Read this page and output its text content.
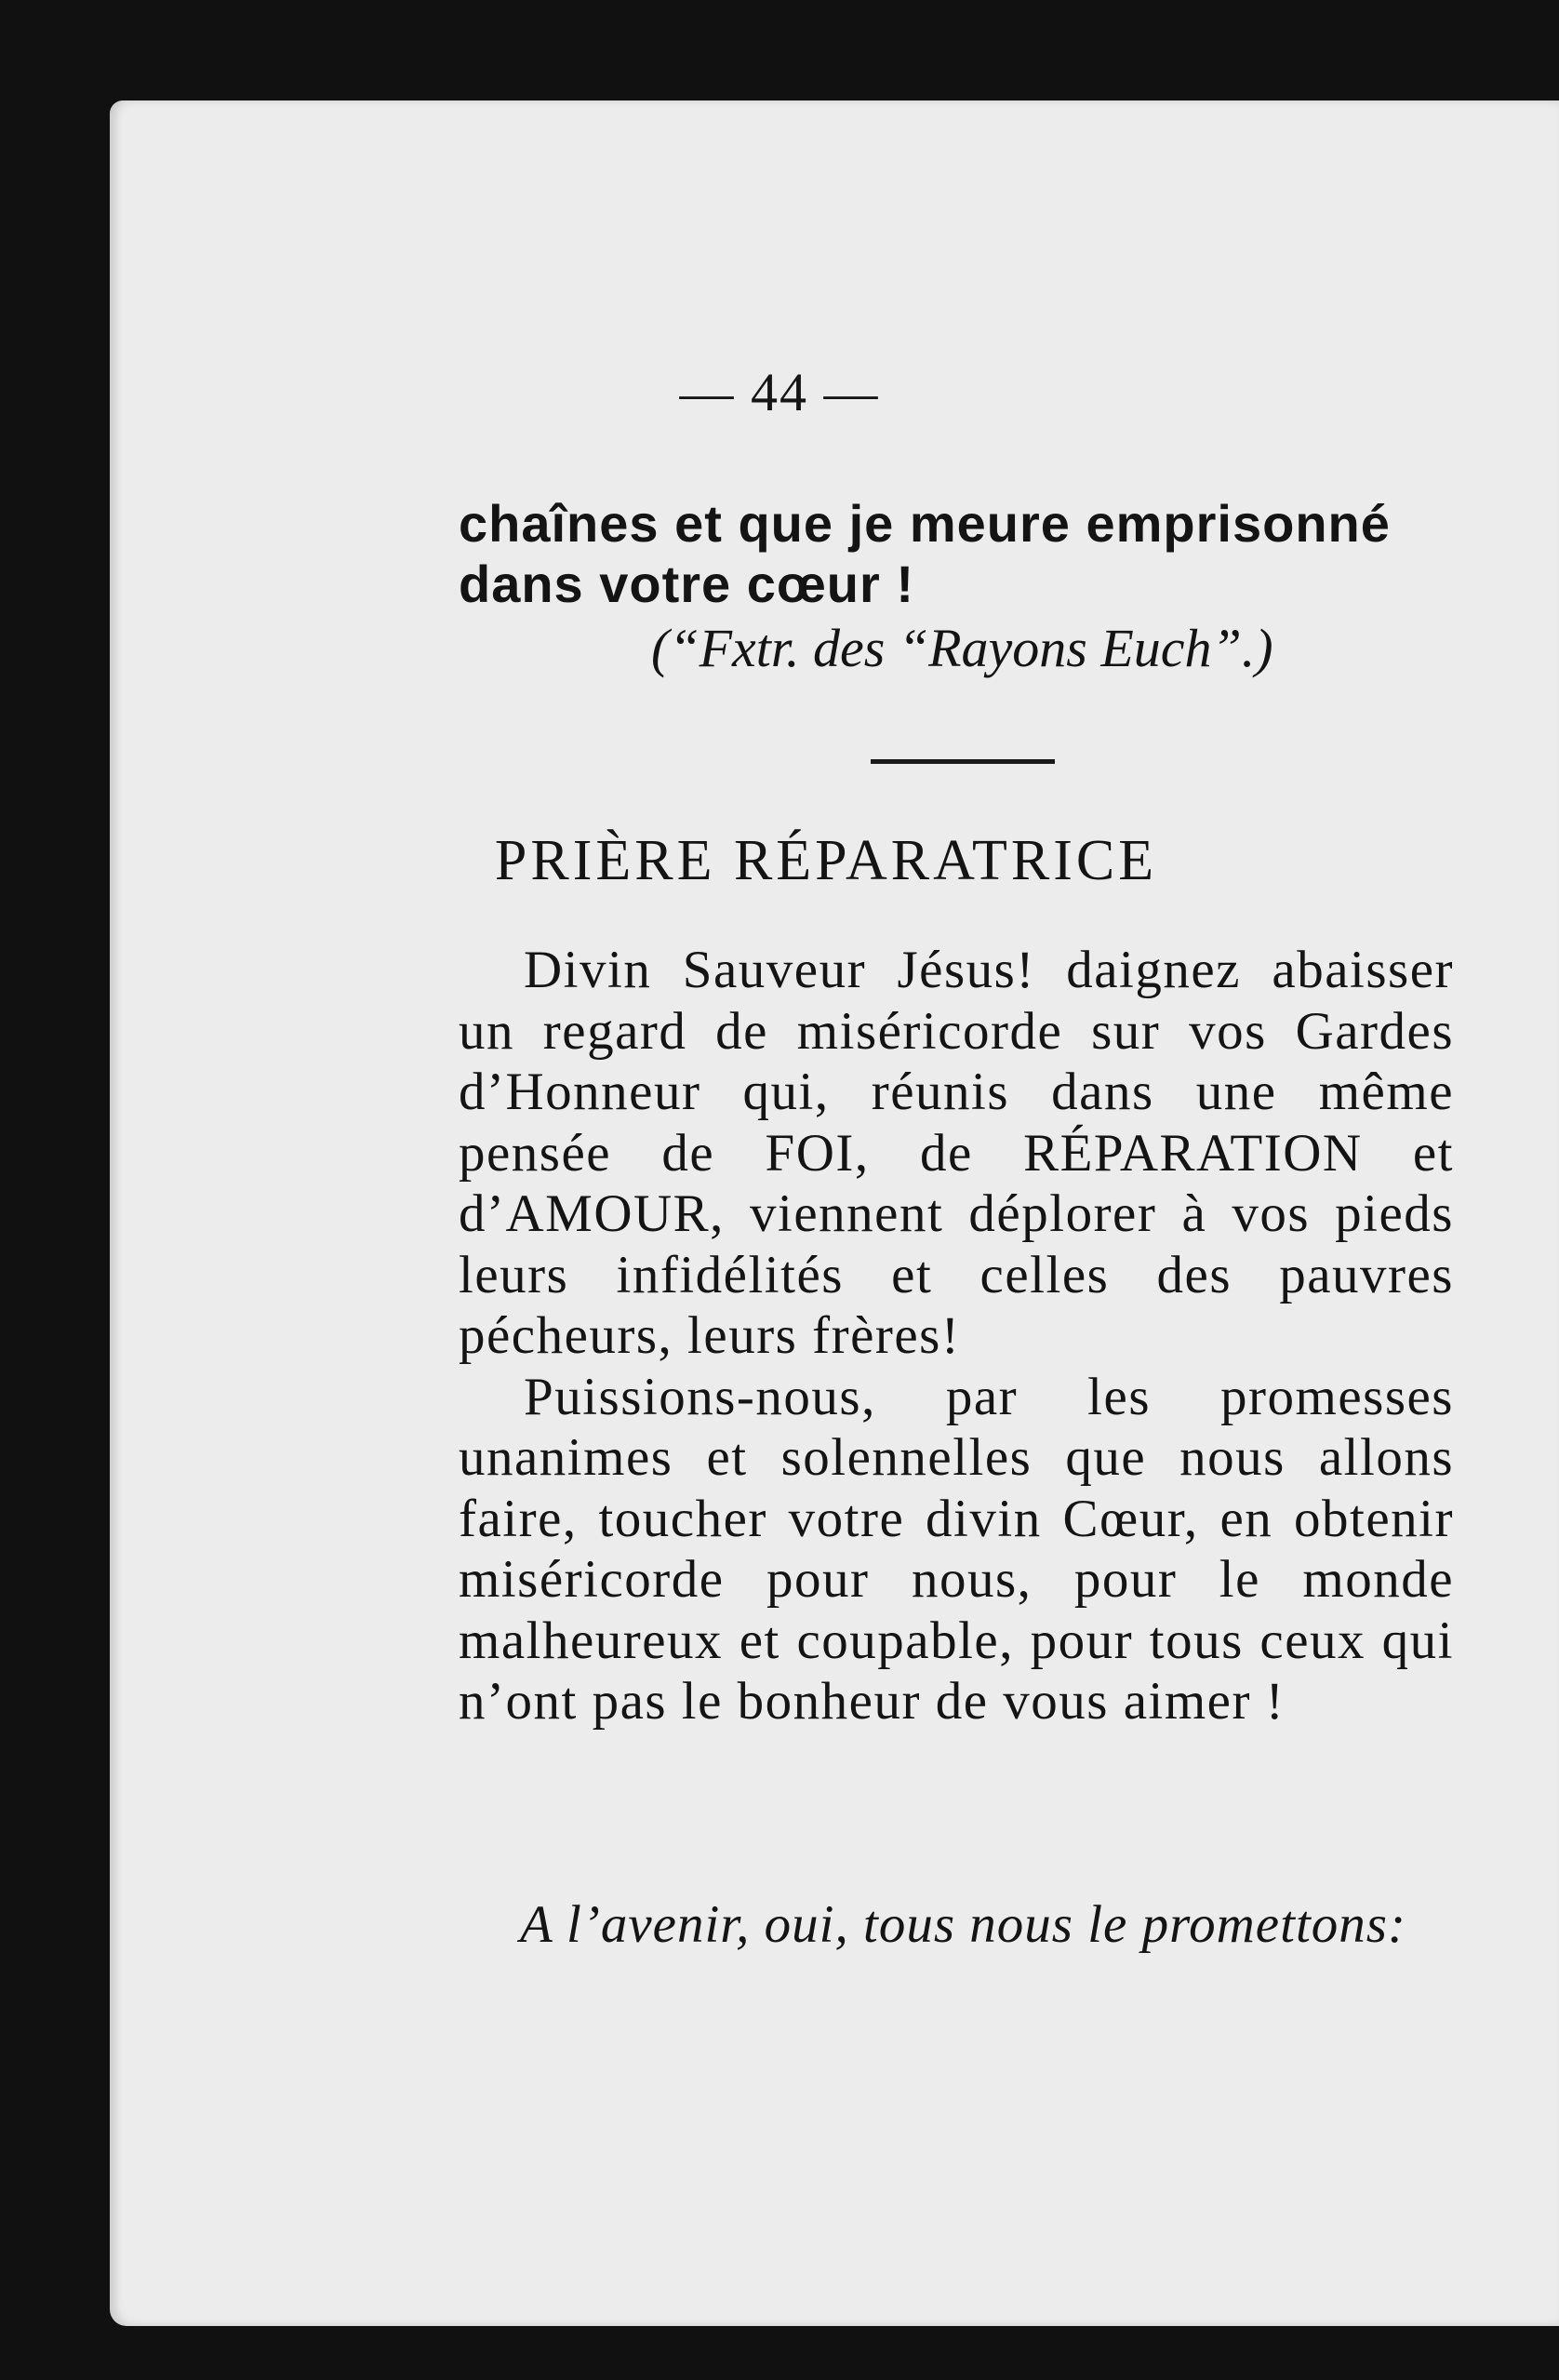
— 44 —
chaînes et que je meure emprisonné dans votre cœur !
(“Fxtr. des “Rayons Euch”.)
PRIÈRE RÉPARATRICE

Divin Sauveur Jésus! daignez abaisser un regard de miséricorde sur vos Gardes d’Honneur qui, réunis dans une même pensée de FOI, de RÉPARATION et d’AMOUR, viennent déplorer à vos pieds leurs infidélités et celles des pauvres pécheurs, leurs frères!

Puissions-nous, par les promesses unanimes et solennelles que nous allons faire, toucher votre divin Cœur, en obtenir miséricorde pour nous, pour le monde malheureux et coupable, pour tous ceux qui n’ont pas le bonheur de vous aimer !

A l’avenir, oui, tous nous le promettons:
